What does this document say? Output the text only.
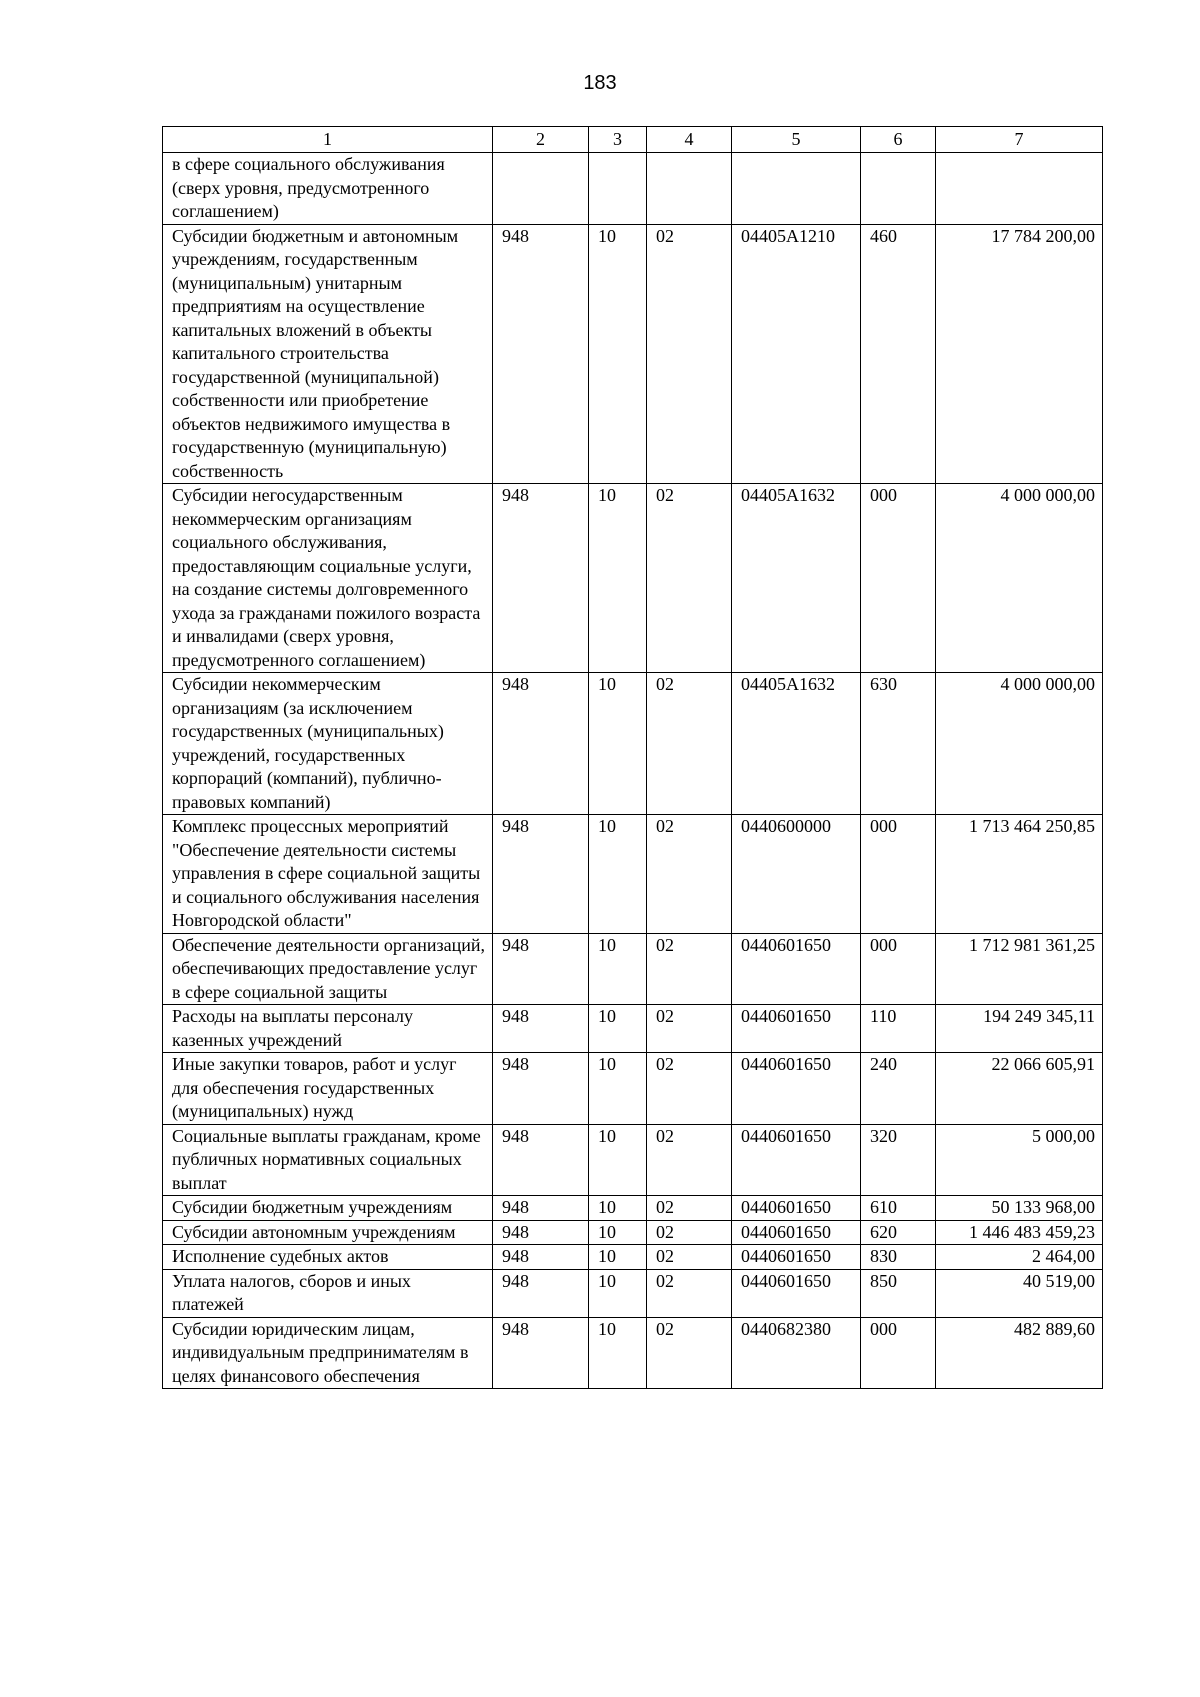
183
1	2	3	4	5	6	7
в сфере социального обслуживания (сверх уровня, предусмотренного соглашением)						
Субсидии бюджетным и автономным учреждениям, государственным (муниципальным) унитарным предприятиям на осуществление капитальных вложений в объекты капитального строительства государственной (муниципальной) собственности или приобретение объектов недвижимого имущества в государственную (муниципальную) собственность	948	10	02	04405A1210	460	17 784 200,00
Субсидии негосударственным некоммерческим организациям социального обслуживания, предоставляющим социальные услуги, на создание системы долговременного ухода за гражданами пожилого возраста и инвалидами (сверх уровня, предусмотренного соглашением)	948	10	02	04405A1632	000	4 000 000,00
Субсидии некоммерческим организациям (за исключением государственных (муниципальных) учреждений, государственных корпораций (компаний), публично-правовых компаний)	948	10	02	04405A1632	630	4 000 000,00
Комплекс процессных мероприятий "Обеспечение деятельности системы управления в сфере социальной защиты и социального обслуживания населения Новгородской области"	948	10	02	0440600000	000	1 713 464 250,85
Обеспечение деятельности организаций, обеспечивающих предоставление услуг в сфере социальной защиты	948	10	02	0440601650	000	1 712 981 361,25
Расходы на выплаты персоналу казенных учреждений	948	10	02	0440601650	110	194 249 345,11
Иные закупки товаров, работ и услуг для обеспечения государственных (муниципальных) нужд	948	10	02	0440601650	240	22 066 605,91
Социальные выплаты гражданам, кроме публичных нормативных социальных выплат	948	10	02	0440601650	320	5 000,00
Субсидии бюджетным учреждениям	948	10	02	0440601650	610	50 133 968,00
Субсидии автономным учреждениям	948	10	02	0440601650	620	1 446 483 459,23
Исполнение судебных актов	948	10	02	0440601650	830	2 464,00
Уплата налогов, сборов и иных платежей	948	10	02	0440601650	850	40 519,00
Субсидии юридическим лицам, индивидуальным предпринимателям в целях финансового обеспечения	948	10	02	0440682380	000	482 889,60
